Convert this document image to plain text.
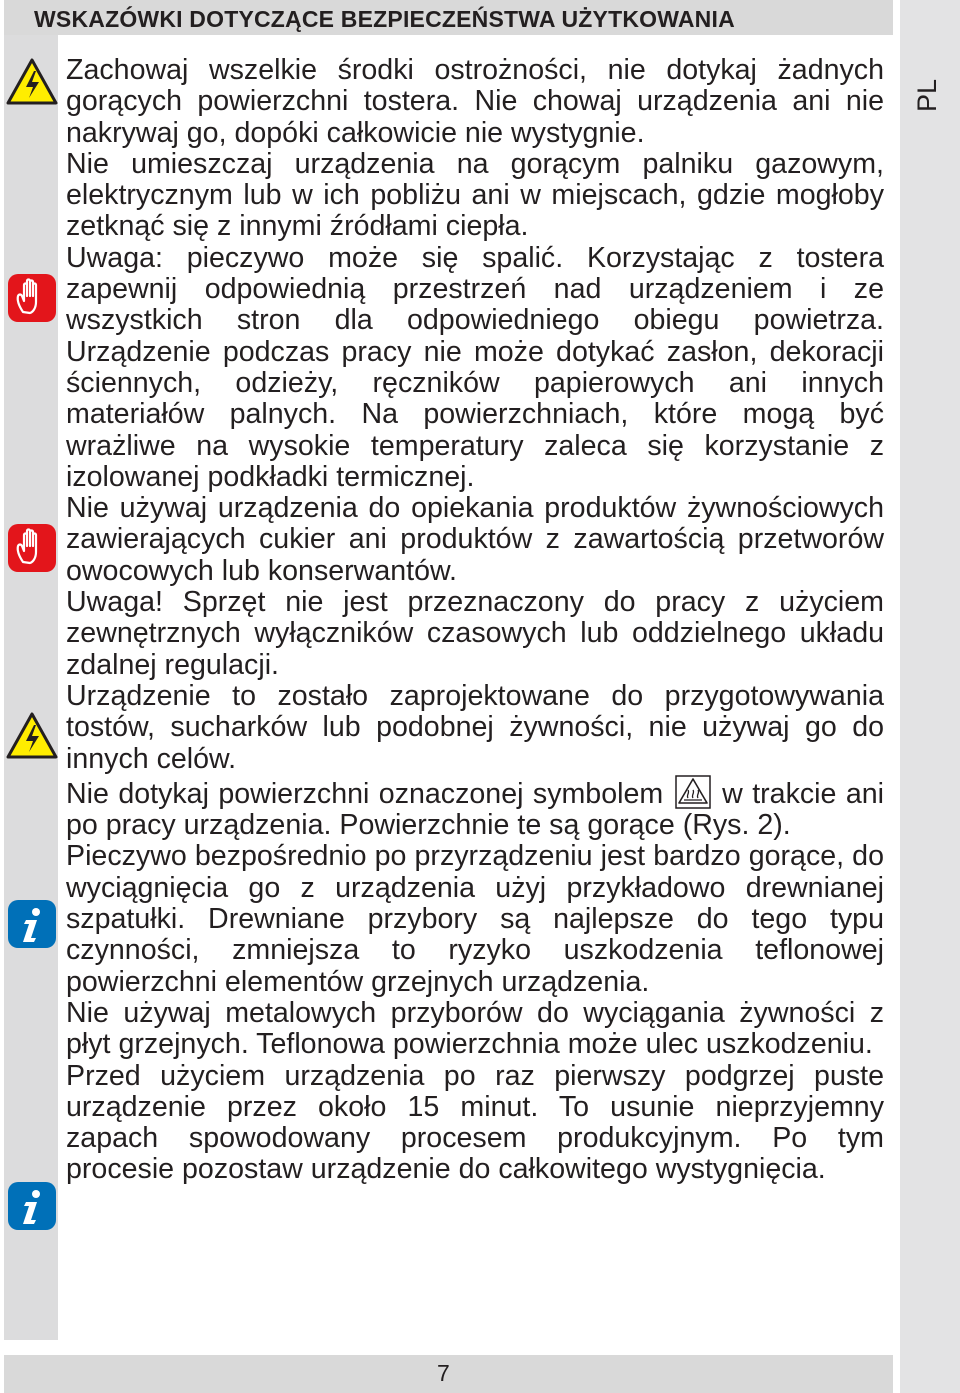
WSKAZÓWKI DOTYCZĄCE BEZPIECZEŃSTWA UŻYTKOWANIA
PL

Zachowaj wszelkie środki ostrożności, nie dotykaj żadnych gorących powierzchni tostera. Nie chowaj urządzenia ani nie nakrywaj go, dopóki całkowicie nie wystygnie.

Nie umieszczaj urządzenia na gorącym palniku gazowym, elektrycznym lub w ich pobliżu ani w miejscach, gdzie mogłoby zetknąć się z innymi źródłami ciepła.

Uwaga: pieczywo może się spalić. Korzystając z tostera zapewnij odpowiednią przestrzeń nad urządzeniem i ze wszystkich stron dla odpowiedniego obiegu powietrza. Urządzenie podczas pracy nie może dotykać zasłon, dekoracji ściennych, odzieży, ręczników papierowych ani innych materiałów palnych. Na powierzchniach, które mogą być wrażliwe na wysokie temperatury zaleca się korzystanie z izolowanej podkładki termicznej.

Nie używaj urządzenia do opiekania produktów żywnościowych zawierających cukier ani produktów z zawartością przetworów owocowych lub konserwantów.

Uwaga! Sprzęt nie jest przeznaczony do pracy z użyciem zewnętrznych wyłączników czasowych lub oddzielnego układu zdalnej regulacji.

Urządzenie to zostało zaprojektowane do przygotowywania tostów, sucharków lub podobnej żywności, nie używaj go do innych celów.

Nie dotykaj powierzchni oznaczonej symbolem w trakcie ani po pracy urządzenia. Powierzchnie te są gorące (Rys. 2).

Pieczywo bezpośrednio po przyrządzeniu jest bardzo gorące, do wyciągnięcia go z urządzenia użyj przykładowo drewnianej szpatułki. Drewniane przybory są najlepsze do tego typu czynności, zmniejsza to ryzyko uszkodzenia teflonowej powierzchni elementów grzejnych urządzenia.

Nie używaj metalowych przyborów do wyciągania żywności z płyt grzejnych. Teflonowa powierzchnia może ulec uszkodzeniu.

Przed użyciem urządzenia po raz pierwszy podgrzej puste urządzenie przez około 15 minut. To usunie nieprzyjemny zapach spowodowany procesem produkcyjnym. Po tym procesie pozostaw urządzenie do całkowitego wystygnięcia.

7
